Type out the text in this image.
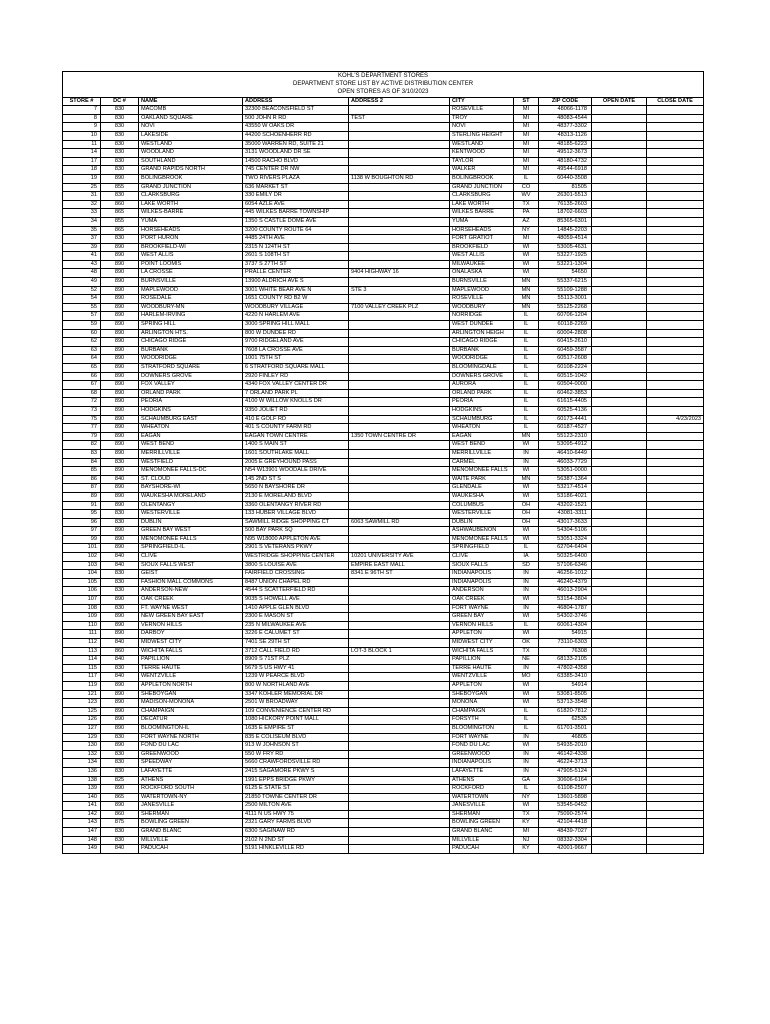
KOHL'S DEPARTMENT STORES
DEPARTMENT STORE LIST BY ACTIVE DISTRIBUTION CENTER
OPEN STORES AS OF 3/10/2023									

STORE #	DC #	NAME	ADDRESS	ADDRESS 2	CITY	ST	ZIP CODE	OPEN DATE	CLOSE DATE
7	830	MACOMB	32300 BEACONSFIELD ST		ROSEVILLE	MI	48066-1178		
8	830	OAKLAND SQUARE	500 JOHN R RD	TEST	TROY	MI	48083-4544		
9	830	NOVI	43550 W OAKS DR		NOVI	MI	48377-3302		
10	830	LAKESIDE	44200 SCHOENHERR RD		STERLING HEIGHT	MI	48313-1126		
11	830	WESTLAND	35000 WARREN RD, SUITE 21		WESTLAND	MI	48185-6223		
14	830	WOODLAND	3131 WOODLAND DR SE		KENTWOOD	MI	49512-3673		
17	830	SOUTHLAND	14500 RACHO BLVD		TAYLOR	MI	48180-4732		
18	830	GRAND RAPIDS NORTH	745 CENTER DR NW		WALKER	MI	49544-6918		
19	890	BOLINGBROOK	TWO RIVERS PLAZA	1138 W BOUGHTON RD	BOLINGBROOK	IL	60440-3508		
25	855	GRAND JUNCTION	636 MARKET ST		GRAND JUNCTION	CO	81505		
31	830	CLARKSBURG	330 EMILY DR		CLARKSBURG	WV	26301-5513		
32	860	LAKE WORTH	6054 AZLE AVE		LAKE WORTH	TX	76135-2603		
33	865	WILKES-BARRE	445 WILKES BARRE TOWNSHIP		WILKES BARRE	PA	18702-6603		
34	855	YUMA	1350 S CASTLE DOME AVE		YUMA	AZ	85365-6301		
35	865	HORSEHEADS	3200 COUNTY ROUTE 64		HORSEHEADS	NY	14845-2203		
37	830	PORT HURON	4485 24TH AVE		FORT GRATIOT	MI	48059-4514		
39	890	BROOKFIELD-WI	2315 N 124TH ST		BROOKFIELD	WI	53005-4631		
41	890	WEST ALLIS	2601 S 108TH ST		WEST ALLIS	WI	53227-1925		
43	890	POINT LOOMIS	3737 S 27TH ST		MILWAUKEE	WI	53221-1304		
48	890	LA CROSSE	PRALLE CENTER	9404 HIGHWAY 16	ONALASKA	WI	54650		
49	890	BURNSVILLE	13900 ALDRICH AVE S		BURNSVILLE	MN	55337-6215		
52	890	MAPLEWOOD	3001 WHITE BEAR AVE N	STE 3	MAPLEWOOD	MN	55109-1288		
54	890	ROSEDALE	1651 COUNTY RD B2 W		ROSEVILLE	MN	55113-3001		
55	890	WOODBURY-MN	WOODBURY VILLAGE	7100 VALLEY CREEK PLZ	WOODBURY	MN	55125-2268		
57	890	HARLEM-IRVING	4220 N HARLEM AVE		NORRIDGE	IL	60706-1204		
59	890	SPRING HILL	3000 SPRING HILL MALL		WEST DUNDEE	IL	60118-2269		
60	890	ARLINGTON HTS.	800 W DUNDEE RD		ARLINGTON HEIGH	IL	60004-2808		
62	890	CHICAGO RIDGE	9700 RIDGELAND AVE		CHICAGO RIDGE	IL	60415-2610		
63	890	BURBANK	7608 LA CROSSE AVE		BURBANK	IL	60459-3587		
64	890	WOODRIDGE	1001 75TH ST		WOODRIDGE	IL	60517-2608		
65	890	STRATFORD SQUARE	6 STRATFORD SQUARE MALL		BLOOMINGDALE	IL	60108-2224		
66	890	DOWNERS GROVE	2920 FINLEY RD		DOWNERS GROVE	IL	60515-1042		
67	890	FOX VALLEY	4340 FOX VALLEY CENTER DR		AURORA	IL	60504-0000		
68	890	ORLAND PARK	7 ORLAND PARK PL		ORLAND PARK	IL	60462-3853		
72	890	PEORIA	4100 W WILLOW KNOLLS DR		PEORIA	IL	61615-4405		
73	890	HODGKINS	9350 JOLIET RD		HODGKINS	IL	60525-4136		
75	890	SCHAUMBURG EAST	410 E GOLF RD		SCHAUMBURG	IL	60173-4441		4/23/2023
77	890	WHEATON	401 S COUNTY FARM RD		WHEATON	IL	60187-4527		
79	890	EAGAN	EAGAN TOWN CENTRE	1350 TOWN CENTRE DR	EAGAN	MN	55123-2310		
82	890	WEST BEND	1400 S MAIN ST		WEST BEND	WI	53095-4912		
83	890	MERRILLVILLE	1601 SOUTHLAKE MALL		MERRILLVILLE	IN	46410-6449		
84	830	WESTFIELD	2005 E GREYHOUND PASS		CARMEL	IN	46033-7729		
85	890	MENOMONEE FALLS-DC	N54 W13901 WOODALE DRIVE		MENOMONEE FALLS	WI	53051-0000		
86	840	ST. CLOUD	145 2ND ST S		WAITE PARK	MN	56387-1364		
87	890	BAYSHORE-WI	5650 N BAYSHORE DR		GLENDALE	WI	53217-4514		
89	890	WAUKESHA MORELAND	2130 E MORELAND BLVD		WAUKESHA	WI	53186-4021		
91	890	OLENTANGY	3360 OLENTANGY RIVER RD		COLUMBUS	OH	43202-1521		
95	830	WESTERVILLE	133 HUBER VILLAGE BLVD		WESTERVILLE	OH	43081-3311		
96	830	DUBLIN	SAWMILL RIDGE SHOPPING CT	6063 SAWMILL RD	DUBLIN	OH	43017-3633		
97	890	GREEN BAY WEST	500 BAY PARK SQ		ASHWAUBENON	WI	54304-5106		
99	890	MENOMONEE FALLS	N95 W18000 APPLETON AVE		MENOMONEE FALLS	WI	53051-3324		
101	890	SPRINGFIELD-IL	2901 S VETERANS PKWY		SPRINGFIELD	IL	62704-6404		
102	840	CLIVE	WESTRIDGE SHOPPING CENTER	10201 UNIVERSITY AVE	CLIVE	IA	50325-6400		
103	840	SIOUX FALLS WEST	3800 S LOUISE AVE	EMPIRE EAST MALL	SIOUX FALLS	SD	57106-6346		
104	830	GEIST	FAIRFIELD CROSSING	8341 E 96TH ST	INDIANAPOLIS	IN	46256-1012		
105	830	FASHION MALL COMMONS	8487 UNION CHAPEL RD		INDIANAPOLIS	IN	46240-4379		
106	830	ANDERSON-NEW	4544 S SCATTERFIELD RD		ANDERSON	IN	46013-2904		
107	890	OAK CREEK	9035 S HOWELL AVE		OAK CREEK	WI	53154-3804		
108	830	FT. WAYNE WEST	1410 APPLE GLEN BLVD		FORT WAYNE	IN	46804-1787		
109	890	NEW GREEN BAY EAST	2300 E MASON ST		GREEN BAY	WI	54302-3746		
110	890	VERNON HILLS	235 N MILWAUKEE AVE		VERNON HILLS	IL	60061-4304		
111	890	DARBOY	3226 E CALUMET ST		APPLETON	WI	54915		
112	840	MIDWEST CITY	7401 SE 29TH ST		MIDWEST CITY	OK	73110-6303		
113	860	WICHITA FALLS	3712 CALL FIELD RD	LOT-3 BLOCK 1	WICHITA FALLS	TX	76308		
114	840	PAPILLION	8909 S 71ST PLZ		PAPILLION	NE	68133-2105		
115	830	TERRE HAUTE	5679 S US HWY 41		TERRE HAUTE	IN	47802-4358		
117	840	WENTZVILLE	1239 W PEARCE BLVD		WENTZVILLE	MO	63385-3410		
119	890	APPLETON NORTH	800 W NORTHLAND AVE		APPLETON	WI	54914		
121	890	SHEBOYGAN	3347 KOHLER MEMORIAL DR		SHEBOYGAN	WI	53081-8505		
123	890	MADISON-MONONA	2501 W BROADWAY		MONONA	WI	53713-3548		
125	890	CHAMPAIGN	109 CONVENIENCE CENTER RD		CHAMPAIGN	IL	61820-7812		
126	890	DECATUR	1080 HICKORY POINT MALL		FORSYTH	IL	62535		
127	890	BLOOMINGTON-IL	1635 E EMPIRE ST		BLOOMINGTON	IL	61701-3501		
129	830	FORT WAYNE NORTH	835 E COLISEUM BLVD		FORT WAYNE	IN	46805		
130	890	FOND DU LAC	913 W JOHNSON ST		FOND DU LAC	WI	54935-2010		
132	830	GREENWOOD	550 W FRY RD		GREENWOOD	IN	46142-4338		
134	830	SPEEDWAY	5660 CRAWFORDSVILLE RD		INDIANAPOLIS	IN	46224-3713		
136	830	LAFAYETTE	2415 SAGAMORE PKWY S		LAFAYETTE	IN	47905-5124		
138	825	ATHENS	1991 EPPS BRIDGE PKWY		ATHENS	GA	30606-6164		
139	890	ROCKFORD SOUTH	6125 E STATE ST		ROCKFORD	IL	61108-2507		
140	865	WATERTOWN-NY	21850 TOWNE CENTER DR		WATERTOWN	NY	13601-5898		
141	890	JANESVILLE	2500 MILTON AVE		JANESVILLE	WI	53545-0452		
142	860	SHERMAN	4111 N US HWY 75		SHERMAN	TX	75090-2574		
143	875	BOWLING GREEN	2321 GARY FARMS BLVD		BOWLING GREEN	KY	42104-4418		
147	830	GRAND BLANC	6300 SAGINAW RD		GRAND BLANC	MI	48439-7027		
148	830	MILLVILLE	2102 N 2ND ST		MILLVILLE	NJ	08332-3304		
149	840	PADUCAH	5191 HINKLEVILLE RD		PADUCAH	KY	42001-9667		
